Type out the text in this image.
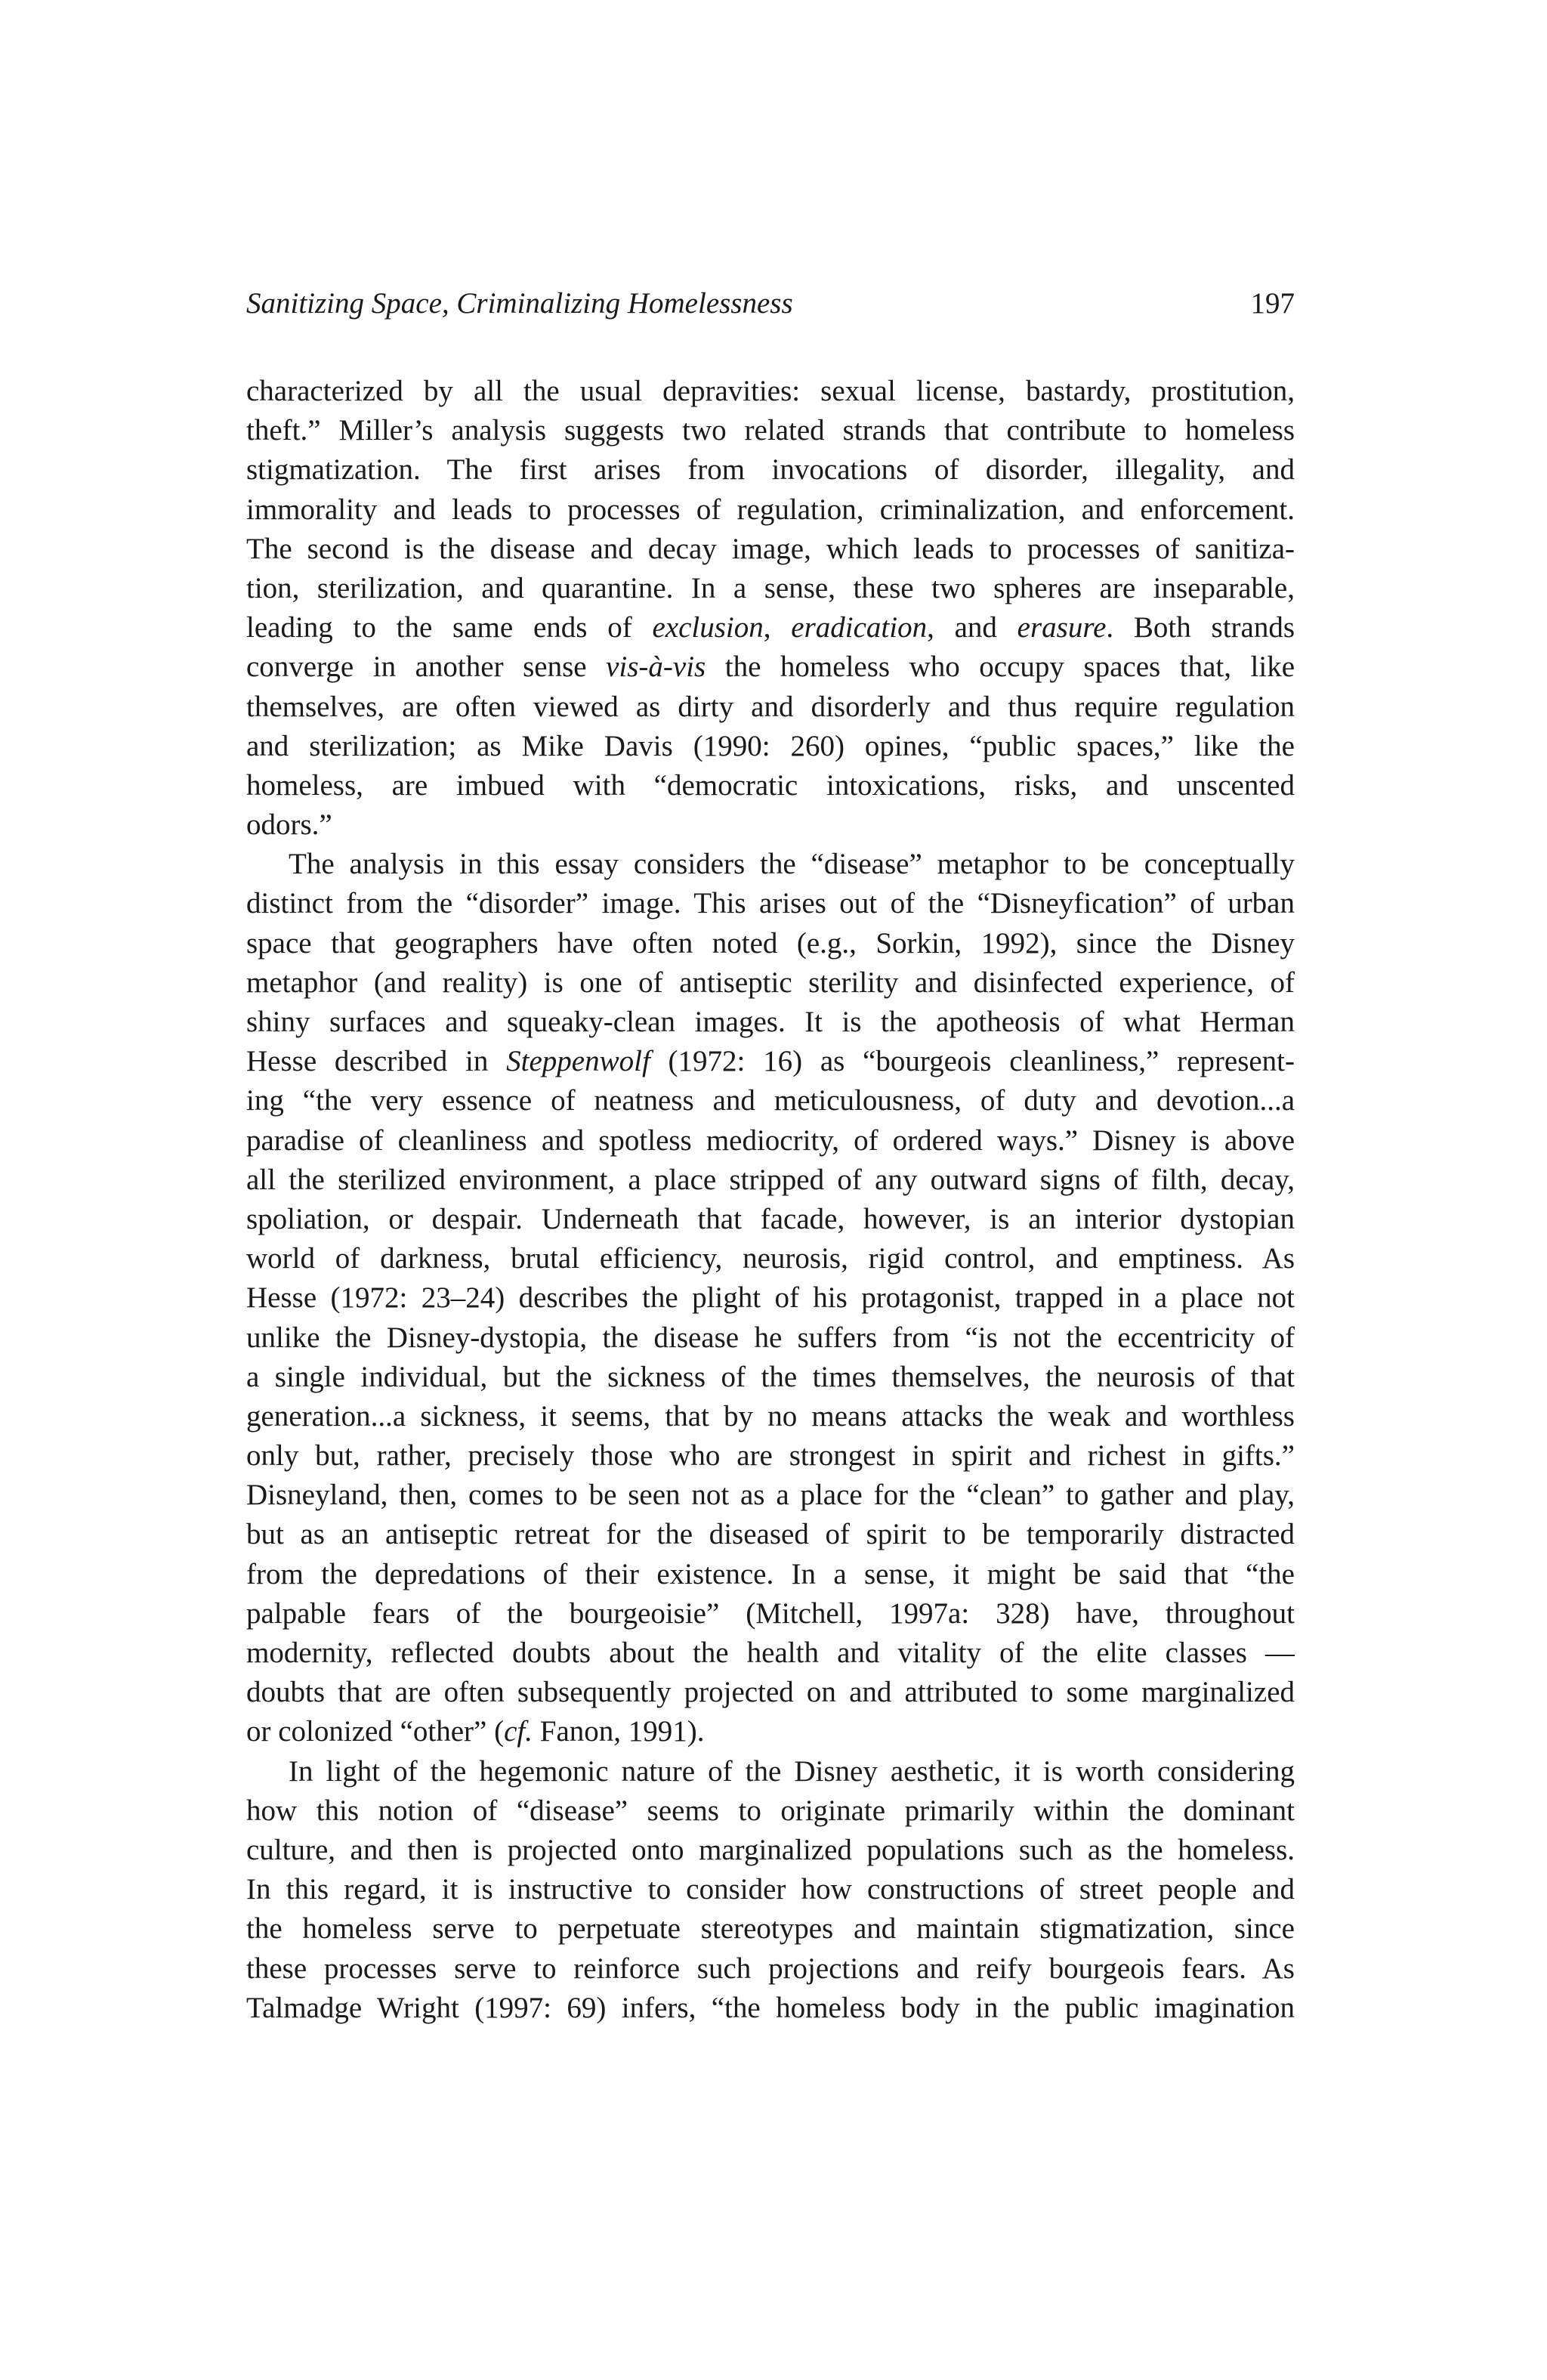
Sanitizing Space, Criminalizing Homelessness	197
characterized by all the usual depravities: sexual license, bastardy, prostitution,
theft.” Miller’s analysis suggests two related strands that contribute to homeless
stigmatization. The first arises from invocations of disorder, illegality, and
immorality and leads to processes of regulation, criminalization, and enforcement.
The second is the disease and decay image, which leads to processes of sanitiza-
tion, sterilization, and quarantine. In a sense, these two spheres are inseparable,
leading to the same ends of exclusion, eradication, and erasure. Both strands
converge in another sense vis-à-vis the homeless who occupy spaces that, like
themselves, are often viewed as dirty and disorderly and thus require regulation
and sterilization; as Mike Davis (1990: 260) opines, “public spaces,” like the
homeless, are imbued with “democratic intoxications, risks, and unscented
odors.”
The analysis in this essay considers the “disease” metaphor to be conceptually
distinct from the “disorder” image. This arises out of the “Disneyfication” of urban
space that geographers have often noted (e.g., Sorkin, 1992), since the Disney
metaphor (and reality) is one of antiseptic sterility and disinfected experience, of
shiny surfaces and squeaky-clean images. It is the apotheosis of what Herman
Hesse described in Steppenwolf (1972: 16) as “bourgeois cleanliness,” represent-
ing “the very essence of neatness and meticulousness, of duty and devotion...a
paradise of cleanliness and spotless mediocrity, of ordered ways.” Disney is above
all the sterilized environment, a place stripped of any outward signs of filth, decay,
spoliation, or despair. Underneath that facade, however, is an interior dystopian
world of darkness, brutal efficiency, neurosis, rigid control, and emptiness. As
Hesse (1972: 23–24) describes the plight of his protagonist, trapped in a place not
unlike the Disney-dystopia, the disease he suffers from “is not the eccentricity of
a single individual, but the sickness of the times themselves, the neurosis of that
generation...a sickness, it seems, that by no means attacks the weak and worthless
only but, rather, precisely those who are strongest in spirit and richest in gifts.”
Disneyland, then, comes to be seen not as a place for the “clean” to gather and play,
but as an antiseptic retreat for the diseased of spirit to be temporarily distracted
from the depredations of their existence. In a sense, it might be said that “the
palpable fears of the bourgeoisie” (Mitchell, 1997a: 328) have, throughout
modernity, reflected doubts about the health and vitality of the elite classes —
doubts that are often subsequently projected on and attributed to some marginalized
or colonized “other” (cf. Fanon, 1991).
In light of the hegemonic nature of the Disney aesthetic, it is worth considering
how this notion of “disease” seems to originate primarily within the dominant
culture, and then is projected onto marginalized populations such as the homeless.
In this regard, it is instructive to consider how constructions of street people and
the homeless serve to perpetuate stereotypes and maintain stigmatization, since
these processes serve to reinforce such projections and reify bourgeois fears. As
Talmadge Wright (1997: 69) infers, “the homeless body in the public imagination
